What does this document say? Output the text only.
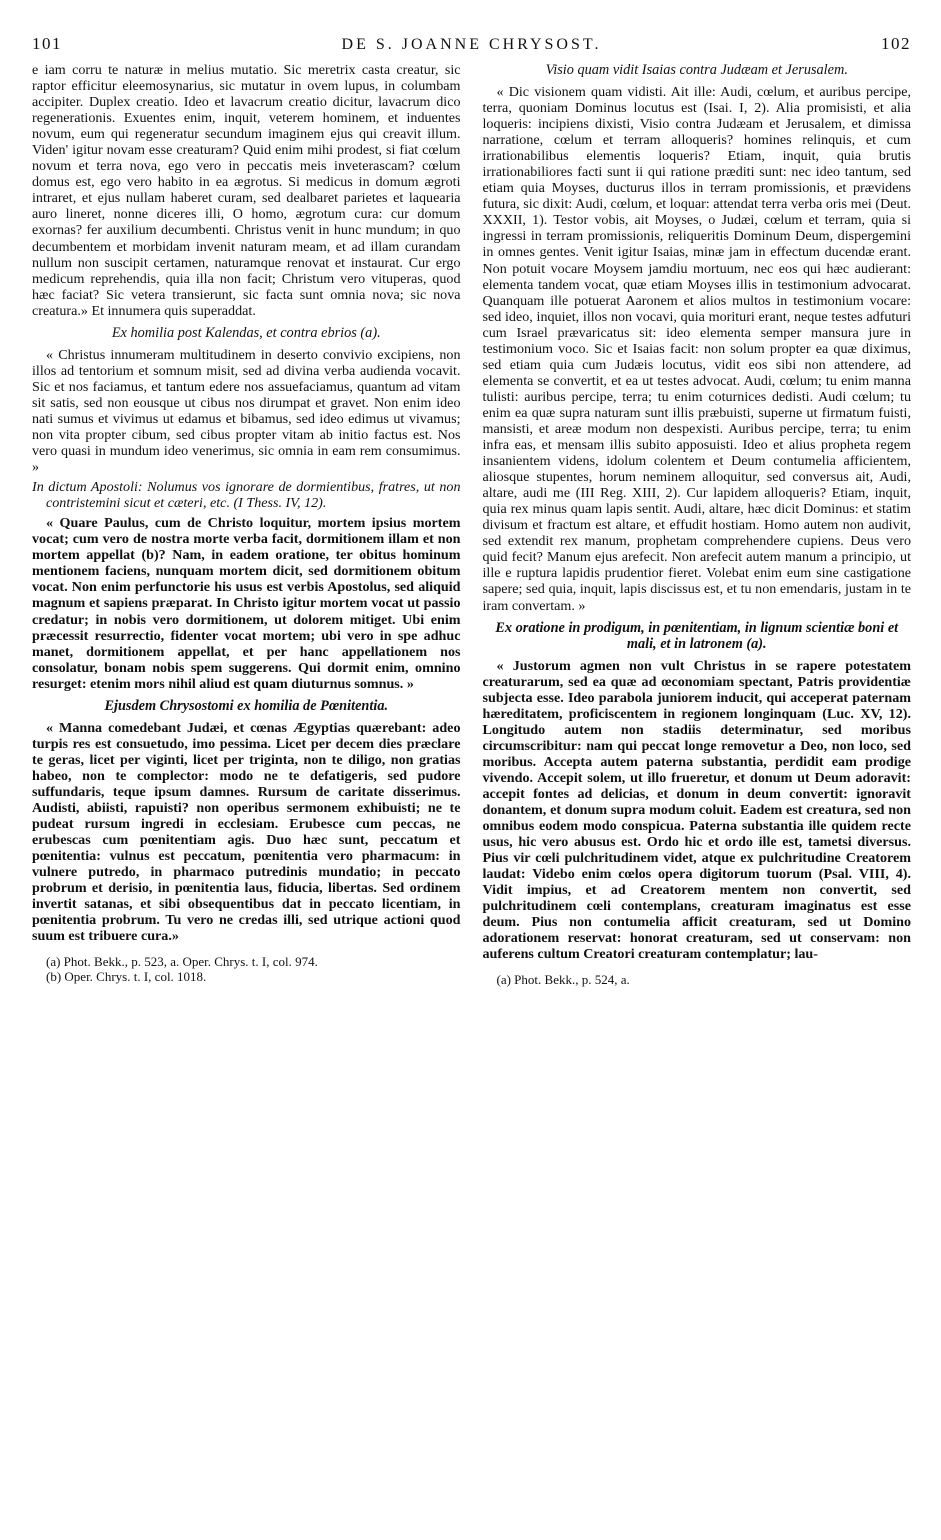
101	DE S. JOANNE CHRYSOST.	102

e iam corru te naturæ in melius mutatio. Sic meretrix casta creatur, sic raptor efficitur eleemosynarius, sic mutatur in ovem lupus, in columbam accipiter. Duplex creatio. Ideo et lavacrum creatio dicitur, lavacrum dico regenerationis. Exuentes enim, inquit, veterem hominem, et induentes novum, eum qui regeneratur secundum imaginem ejus qui creavit illum. Viden' igitur novam esse creaturam? Quid enim mihi prodest, si fiat cœlum novum et terra nova, ego vero in peccatis meis inveterascam? cœlum domus est, ego vero habito in ea ægrotus. Si medicus in domum ægroti intraret, et ejus nullam haberet curam, sed dealbaret parietes et laquearia auro lineret, nonne diceres illi, O homo, ægrotum cura: cur domum exornas? fer auxilium decumbenti. Christus venit in hunc mundum; in quo decumbentem et morbidam invenit naturam meam, et ad illam curandam nullum non suscipit certamen, naturamque renovat et instaurat. Cur ergo medicum reprehendis, quia illa non facit; Christum vero vituperas, quod hæc faciat? Sic vetera transierunt, sic facta sunt omnia nova; sic nova creatura.» Et innumera quis superaddat.

Ex homilia post Kalendas, et contra ebrios (a).

« Christus innumeram multitudinem in deserto convivio excipiens, non illos ad tentorium et somnum misit, sed ad divina verba audienda vocavit. Sic et nos faciamus, et tantum edere nos assuefaciamus, quantum ad vitam sit satis, sed non eousque ut cibus nos dirumpat et gravet. Non enim ideo nati sumus et vivimus ut edamus et bibamus, sed ideo edimus ut vivamus; non vita propter cibum, sed cibus propter vitam ab initio factus est. Nos vero quasi in mundum ideo venerimus, sic omnia in eam rem consumimus. »

In dictum Apostoli: Nolumus vos ignorare de dormientibus, fratres, ut non contristemini sicut et cæteri, etc. (I Thess. IV, 12).

« Quare Paulus, cum de Christo loquitur, mortem ipsius mortem vocat; cum vero de nostra morte verba facit, dormitionem illam et non mortem appellat (b)? Nam, in eadem oratione, ter obitus hominum mentionem faciens, nunquam mortem dicit, sed dormitionem obitum vocat. Non enim perfunctorie his usus est verbis Apostolus, sed aliquid magnum et sapiens præparat. In Christo igitur mortem vocat ut passio credatur; in nobis vero dormitionem, ut dolorem mitiget. Ubi enim præcessit resurrectio, fidenter vocat mortem; ubi vero in spe adhuc manet, dormitionem appellat, et per hanc appellationem nos consolatur, bonam nobis spem suggerens. Qui dormit enim, omnino resurget: etenim mors nihil aliud est quam diuturnus somnus. »

Ejusdem Chrysostomi ex homilia de Pœnitentia.

« Manna comedebant Judæi, et cœnas Ægyptias quærebant: adeo turpis res est consuetudo, imo pessima. Licet per decem dies præclare te geras, licet per viginti, licet per triginta, non te diligo, non gratias habeo, non te complector: modo ne te defatigeris, sed pudore suffundaris, teque ipsum damnes. Rursum de caritate disserimus. Audisti, abiisti, rapuisti? non operibus sermonem exhibuisti; ne te pudeat rursum ingredi in ecclesiam. Erubesce cum peccas, ne erubescas cum pœnitentiam agis. Duo hæc sunt, peccatum et pœnitentia: vulnus est peccatum, pœnitentia vero pharmacum: in vulnere putredo, in pharmaco putredinis mundatio; in peccato probrum et derisio, in pœnitentia laus, fiducia, libertas. Sed ordinem invertit satanas, et sibi obsequentibus dat in peccato licentiam, in pœnitentia probrum. Tu vero ne credas illi, sed utrique actioni quod suum est tribuere cura.»

(a) Phot. Bekk., p. 523, a. Oper. Chrys. t. I, col. 974.
(b) Oper. Chrys. t. I, col. 1018.
Visio quam vidit Isaias contra Judæam et Jerusalem.

« Dic visionem quam vidisti. Ait ille: Audi, cœlum, et auribus percipe, terra, quoniam Dominus locutus est (Isai. I, 2). Alia promisisti, et alia loqueris: incipiens dixisti, Visio contra Judæam et Jerusalem, et dimissa narratione, cœlum et terram alloqueris? homines relinquis, et cum irrationabilibus elementis loqueris? Etiam, inquit, quia brutis irrationabiliores facti sunt ii qui ratione præditi sunt: nec ideo tantum, sed etiam quia Moyses, ducturus illos in terram promissionis, et prævidens futura, sic dixit: Audi, cœlum, et loquar: attendat terra verba oris mei (Deut. XXXII, 1). Testor vobis, ait Moyses, o Judæi, cœlum et terram, quia si ingressi in terram promissionis, reliqueritis Dominum Deum, dispergemini in omnes gentes. Venit igitur Isaias, minæ jam in effectum ducendæ erant. Non potuit vocare Moysem jamdiu mortuum, nec eos qui hæc audierant: elementa tandem vocat, quæ etiam Moyses illis in testimonium advocarat. Quanquam ille potuerat Aaronem et alios multos in testimonium vocare: sed ideo, inquiet, illos non vocavi, quia morituri erant, neque testes adfuturi cum Israel prævaricatus sit: ideo elementa semper mansura jure in testimonium voco. Sic et Isaias facit: non solum propter ea quæ diximus, sed etiam quia cum Judæis locutus, vidit eos sibi non attendere, ad elementa se convertit, et ea ut testes advocat. Audi, cœlum; tu enim manna tulisti: auribus percipe, terra; tu enim coturnices dedisti. Audi cœlum; tu enim ea quæ supra naturam sunt illis præbuisti, superne ut firmatum fuisti, mansisti, et areæ modum non despexisti. Auribus percipe, terra; tu enim infra eas, et mensam illis subito apposuisti. Ideo et alius propheta regem insanientem videns, idolum colentem et Deum contumelia afficientem, aliosque stupentes, horum neminem alloquitur, sed conversus ait, Audi, altare, audi me (III Reg. XIII, 2). Cur lapidem alloqueris? Etiam, inquit, quia rex minus quam lapis sentit. Audi, altare, hæc dicit Dominus: et statim divisum et fractum est altare, et effudit hostiam. Homo autem non audivit, sed extendit rex manum, prophetam comprehendere cupiens. Deus vero quid fecit? Manum ejus arefecit. Non arefecit autem manum a principio, ut ille e ruptura lapidis prudentior fieret. Volebat enim eum sine castigatione sapere; sed quia, inquit, lapis discissus est, et tu non emendaris, justam in te iram convertam. »

Ex oratione in prodigum, in pœnitentiam, in lignum scientiæ boni et mali, et in latronem (a).

« Justorum agmen non vult Christus in se rapere potestatem creaturarum, sed ea quæ ad œconomiam spectant, Patris providentiæ subjecta esse. Ideo parabola juniorem inducit, qui acceperat paternam hæreditatem, proficiscentem in regionem longinquam (Luc. XV, 12). Longitudo autem non stadiis determinatur, sed moribus circumscribitur: nam qui peccat longe removetur a Deo, non loco, sed moribus. Accepta autem paterna substantia, perdidit eam prodige vivendo. Accepit solem, ut illo frueretur, et donum ut Deum adoravit: accepit fontes ad delicias, et donum in deum convertit: ignoravit donantem, et donum supra modum coluit. Eadem est creatura, sed non omnibus eodem modo conspicua. Paterna substantia ille quidem recte usus, hic vero abusus est. Ordo hic et ordo ille est, tametsi diversus. Pius vir cœli pulchritudinem videt, atque ex pulchritudine Creatorem laudat: Videbo enim cœlos opera digitorum tuorum (Psal. VIII, 4). Vidit impius, et ad Creatorem mentem non convertit, sed pulchritudinem cœli contemplans, creaturam imaginatus est esse deum. Pius non contumelia afficit creaturam, sed ut Domino adorationem reservat: honorat creaturam, sed ut conservam: non auferens cultum Creatori creaturam contemplatur; lau-

(a) Phot. Bekk., p. 524, a.
